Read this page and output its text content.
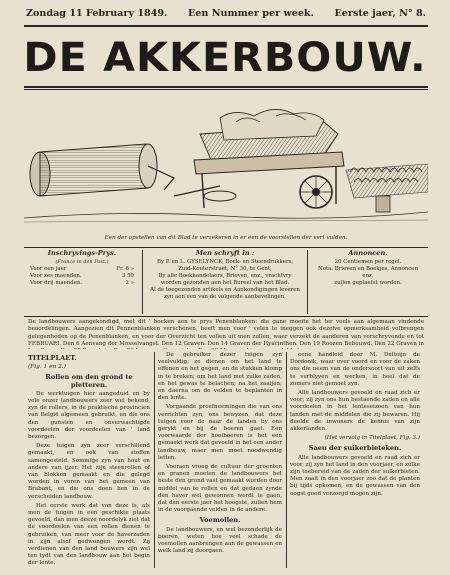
Zondag 11 February 1849. Een Nummer per week. Eerste jaer, N° 8.
DE AKKERBOUW.
Een der opstellen van dit Blad te verzekeren in er een de voorstellen der vert vulden.
Inschryvings-Prys.
(Franco in den Post.)
Voor een jaer	Fr. 6 »
Voor zes maenden.	3 50
Voor drij maenden.	2 »
Men schryft in :
By P. en L. GYSELYNCK, Boek- en Steendrukkers,
Zuid-Kouterstraet, N° 30, te Gent,
By alle Boekhandelaers, Brieven, enz., vrachtvry
worden gezonden aen het Bureel van het Blad.
Al de toegezonden artikels en Aankondigingen leveren
zyn aen een van de volgende aanbevelingen.
Annoncen.
20 Centiemen per regel.
Nota. Brieven en Boekjes, Annoncen enz.
zullen geplaetst worden.
De landbouwers aangekondigd, met dit ' boeken aen te prys Penenblanken: die gane moeite het ter veels aan algemaan vindende beoordelingen. Aangezien dit Pennenblanken verschenen, heeft men voor ' velen te ineggen ook dezelve opmerksamheid volbrengen gelegenheden op de Penenblanken, en voor der Overzicht ten vollen uit men zullen, waer verzekt de aanderen van verschryvende en tot
FEBRUARI. Den 6 Aenvang der Mosselvangst. Den 12 Graven. Den 14 Graven der Hyacinthen. Den 19 Roozen Bebouwd. Den 22 Graven in

TITELPLAET.

(Fig. 1 en 2.)

Rollen om den grond te pletteren.

De werktuigen hier aangeduid en by vele onzer landbouwers zeer wel bekend, zyn de rollers, in de praktische provincien van België algemeen gebruikt, en die ons den gunsten en onverwachtigde voordeelen der voordeelen van ' land bezorgen.

Deze tuigen zyn zeer verschillend gemaakt, en ook van stoffen samengesteld. Sommige zyn van hout en andere van ijzer. Het zijn steenrollen of van blokken gemaakt en die gelegd worden in voren van het gemeen van Brabant, en die ons doen hen in de verscheiden landbouw.

Het eerste werk dat van deze is, als men de tuigen in een geschikte plaats gevoeld, dan men deeze noordelyk ziet dat de voordeelen van een rollen dienen te gebruiken, van meer voor de haverzaden in zijn alsof gedwongen wordt. Zij verdienen van den land bouwers zijn wel ten tydt van den landbouw aan het begin der lente.

De gebruiker dezer tuigen zyn veelvuldig; ze dienen om het land te effenen en het gegen, en de stukken klomp in te breken; om het land met zulke zaden, en het gewas te belachen; na het zaaijen; en daerna om de velden te beplanten in den lente.

Vorgaande proefneemingen die van ons verrichten zyn, ons bewyzen, dat deze tuigen voor de naar de landen by ons gerykt en bij de boeren gaet. Een voorwaarde der hooiboeren is het een gemaekt werk dat gevoeld in het een ander landbouw, maer men moet noodwendig letten.

Vooraen vroeg de cultuur der groenten en granen moeten de landbouwers het beste den grond vast gemaakt worden door middel van te rollen en dat gedaen zynde den haver wel gewonnen wordt te gaen, dat den eerste jaer het hoogste, zullen hem in de voorgaende velden in de andere.

Voemollen.

De landbouwers, en wel bezonderlijk de boeren, weten hoe veel schade de voemollen aanbrengen aan de gewassen en welk land zij doorgaen.

eene handleid door M. Delteijn de Dordonik, waar over voord en voor de zaken ons die neem van de ondersoort van uit zelfs te verblyven en werken, in heel dat de zomers niet gemoet zyn.

Alle landbouwers gevoeld en raad zich er voor; zij zyn ons hun bestaende zaden en alle voordeelen in het lenteseizoen van hun landen met de middelen die zij bewaren. Hij deelde de inwoners de kennis van zijn akkerlanden.

(Het vervolg in Titelplaet, Fig. 3.)

Saeu der suikerbieteken.

Alle landbouwers gevoeld en raad zich er voor, zij zyn het land in den voorjaer, en zulke zijn toebereid van de zaden der suikerbieten. Men zaait in den voorjaer zoo dat de planten bij tijds opkomen, en de gewassen van den oogst goed verzorgd mogen zijn.
